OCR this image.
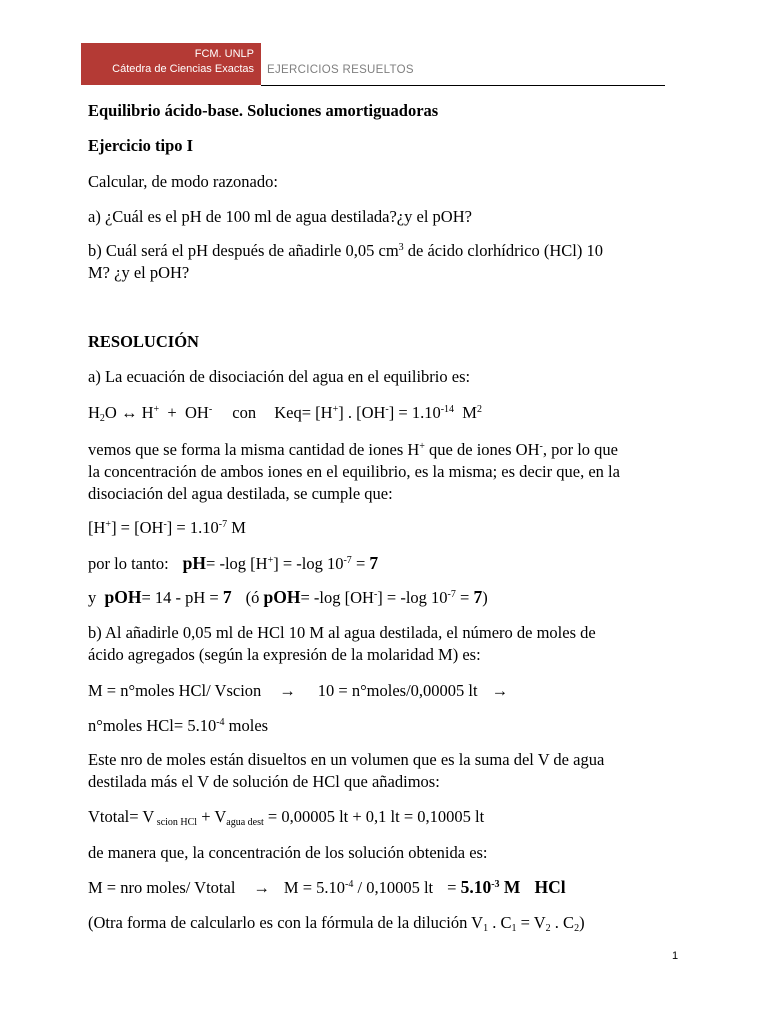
FCM. UNLP
Cátedra de Ciencias Exactas EJERCICIOS RESUELTOS
Equilibrio ácido-base. Soluciones amortiguadoras
Ejercicio tipo I
Calcular, de modo razonado:
a) ¿Cuál es el pH de 100 ml de agua destilada?¿y el pOH?
b) Cuál será el pH después de añadirle 0,05 $cm^3$ de ácido clorhídrico (HCl) 10
M? ¿y el pOH?
RESOLUCIÓN
a) La ecuación de disociación del agua en el equilibrio es:
$H_2O$ ↔ H+ + OH- con Keq= [H+] . $[OH^-] = 1.10^{-14}$ $M^2$
vemos que se forma la misma cantidad de iones H+ que de iones OH-, por lo que
la concentración de ambos iones en el equilibrio, es la misma; es decir que, en la
disociación del agua destilada, se cumple que:
$[H^+] = [OH^-] = 1.10^{-7}$ M
por lo tanto: pH= -log [H+] = -log $10^{-7} = 7$
y pOH= 14 - pH = 7 (ó pOH= -log [OH-] = -log $10^{-7} = 7$)
b) Al añadirle 0,05 ml de HCl 10 M al agua destilada, el número de moles de
ácido agregados (según la expresión de la molaridad M) es:
M = n°moles HCl/ Vscion → 10 = n°moles/0,00005 lt →
n°moles $HCl= 5.10^{-4}$ moles
Este nro de moles están disueltos en un volumen que es la suma del V de agua
destilada más el V de solución de HCl que añadimos:
Vtotal= V $_{scion HCl} + V_{agua dest} = 0,00005$ lt + 0,1 lt = 0,10005 lt
de manera que, la concentración de los solución obtenida es:
M = nro moles/ Vtotal → $M = 5.10^{-4} / 0,10005$ lt = $5.10^{-3}$ M HCl
(Otra forma de calcularlo es con la fórmula de la dilución $V_1$ . $C_1 = V_2$ . $C_2$)
1
